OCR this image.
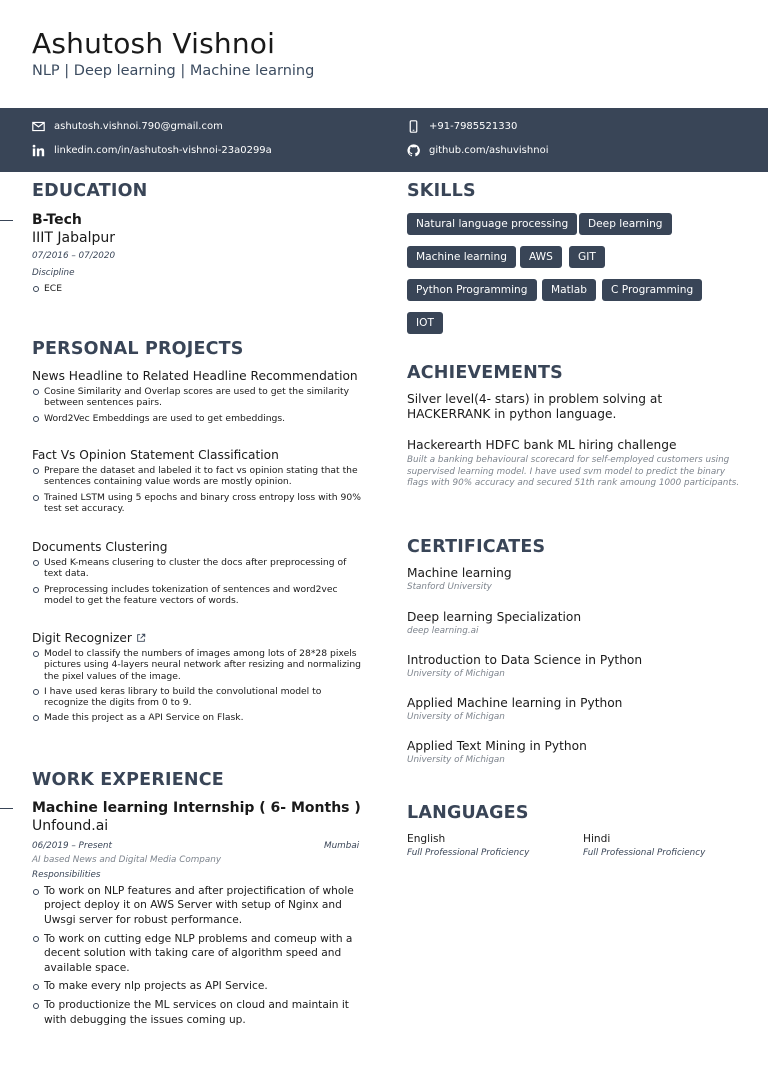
Ashutosh Vishnoi
NLP | Deep learning | Machine learning
ashutosh.vishnoi.790@gmail.com	+91-7985521330
linkedin.com/in/ashutosh-vishnoi-23a0299a	github.com/ashuvishnoi
EDUCATION
B-Tech
IIIT Jabalpur
07/2016 – 07/2020
Discipline
ECE
PERSONAL PROJECTS
News Headline to Related Headline Recommendation
Cosine Similarity and Overlap scores are used to get the similarity between sentences pairs.
Word2Vec Embeddings are used to get embeddings.
Fact Vs Opinion Statement Classification
Prepare the dataset and labeled it to fact vs opinion stating that the sentences containing value words are mostly opinion.
Trained LSTM using 5 epochs and binary cross entropy loss with 90% test set accuracy.
Documents Clustering
Used K-means clusering to cluster the docs after preprocessing of text data.
Preprocessing includes tokenization of sentences and word2vec model to get the feature vectors of words.
Digit Recognizer
Model to classify the numbers of images among lots of 28*28 pixels pictures using 4-layers neural network after resizing and normalizing the pixel values of the image.
I have used keras library to build the convolutional model to recognize the digits from 0 to 9.
Made this project as a API Service on Flask.
WORK EXPERIENCE
Machine learning Internship ( 6- Months )
Unfound.ai
06/2019 – Present	Mumbai
AI based News and Digital Media Company
Responsibilities
To work on NLP features and after projectification of whole project deploy it on AWS Server with setup of Nginx and Uwsgi server for robust performance.
To work on cutting edge NLP problems and comeup with a decent solution with taking care of algorithm speed and available space.
To make every nlp projects as API Service.
To productionize the ML services on cloud and maintain it with debugging the issues coming up.
SKILLS
Natural language processing	Deep learning
Machine learning	AWS	GIT
Python Programming	Matlab	C Programming
IOT
ACHIEVEMENTS
Silver level(4- stars) in problem solving at HACKERRANK in python language.
Hackerearth HDFC bank ML hiring challenge
Built a banking behavioural scorecard for self-employed customers using supervised learning model. I have used svm model to predict the binary flags with 90% accuracy and secured 51th rank amoung 1000 participants.
CERTIFICATES
Machine learning
Stanford University
Deep learning Specialization
deep learning.ai
Introduction to Data Science in Python
University of Michigan
Applied Machine learning in Python
University of Michigan
Applied Text Mining in Python
University of Michigan
LANGUAGES
English
Full Professional Proficiency
Hindi
Full Professional Proficiency
